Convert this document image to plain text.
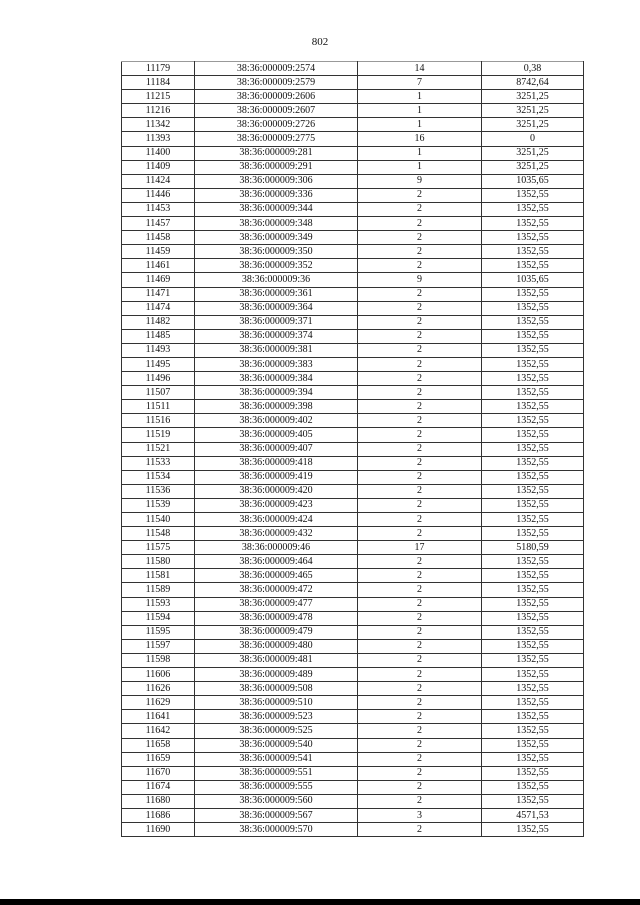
802
11179	38:36:000009:2574	14	0,38
11184	38:36:000009:2579	7	8742,64
11215	38:36:000009:2606	1	3251,25
11216	38:36:000009:2607	1	3251,25
11342	38:36:000009:2726	1	3251,25
11393	38:36:000009:2775	16	0
11400	38:36:000009:281	1	3251,25
11409	38:36:000009:291	1	3251,25
11424	38:36:000009:306	9	1035,65
11446	38:36:000009:336	2	1352,55
11453	38:36:000009:344	2	1352,55
11457	38:36:000009:348	2	1352,55
11458	38:36:000009:349	2	1352,55
11459	38:36:000009:350	2	1352,55
11461	38:36:000009:352	2	1352,55
11469	38:36:000009:36	9	1035,65
11471	38:36:000009:361	2	1352,55
11474	38:36:000009:364	2	1352,55
11482	38:36:000009:371	2	1352,55
11485	38:36:000009:374	2	1352,55
11493	38:36:000009:381	2	1352,55
11495	38:36:000009:383	2	1352,55
11496	38:36:000009:384	2	1352,55
11507	38:36:000009:394	2	1352,55
11511	38:36:000009:398	2	1352,55
11516	38:36:000009:402	2	1352,55
11519	38:36:000009:405	2	1352,55
11521	38:36:000009:407	2	1352,55
11533	38:36:000009:418	2	1352,55
11534	38:36:000009:419	2	1352,55
11536	38:36:000009:420	2	1352,55
11539	38:36:000009:423	2	1352,55
11540	38:36:000009:424	2	1352,55
11548	38:36:000009:432	2	1352,55
11575	38:36:000009:46	17	5180,59
11580	38:36:000009:464	2	1352,55
11581	38:36:000009:465	2	1352,55
11589	38:36:000009:472	2	1352,55
11593	38:36:000009:477	2	1352,55
11594	38:36:000009:478	2	1352,55
11595	38:36:000009:479	2	1352,55
11597	38:36:000009:480	2	1352,55
11598	38:36:000009:481	2	1352,55
11606	38:36:000009:489	2	1352,55
11626	38:36:000009:508	2	1352,55
11629	38:36:000009:510	2	1352,55
11641	38:36:000009:523	2	1352,55
11642	38:36:000009:525	2	1352,55
11658	38:36:000009:540	2	1352,55
11659	38:36:000009:541	2	1352,55
11670	38:36:000009:551	2	1352,55
11674	38:36:000009:555	2	1352,55
11680	38:36:000009:560	2	1352,55
11686	38:36:000009:567	3	4571,53
11690	38:36:000009:570	2	1352,55
